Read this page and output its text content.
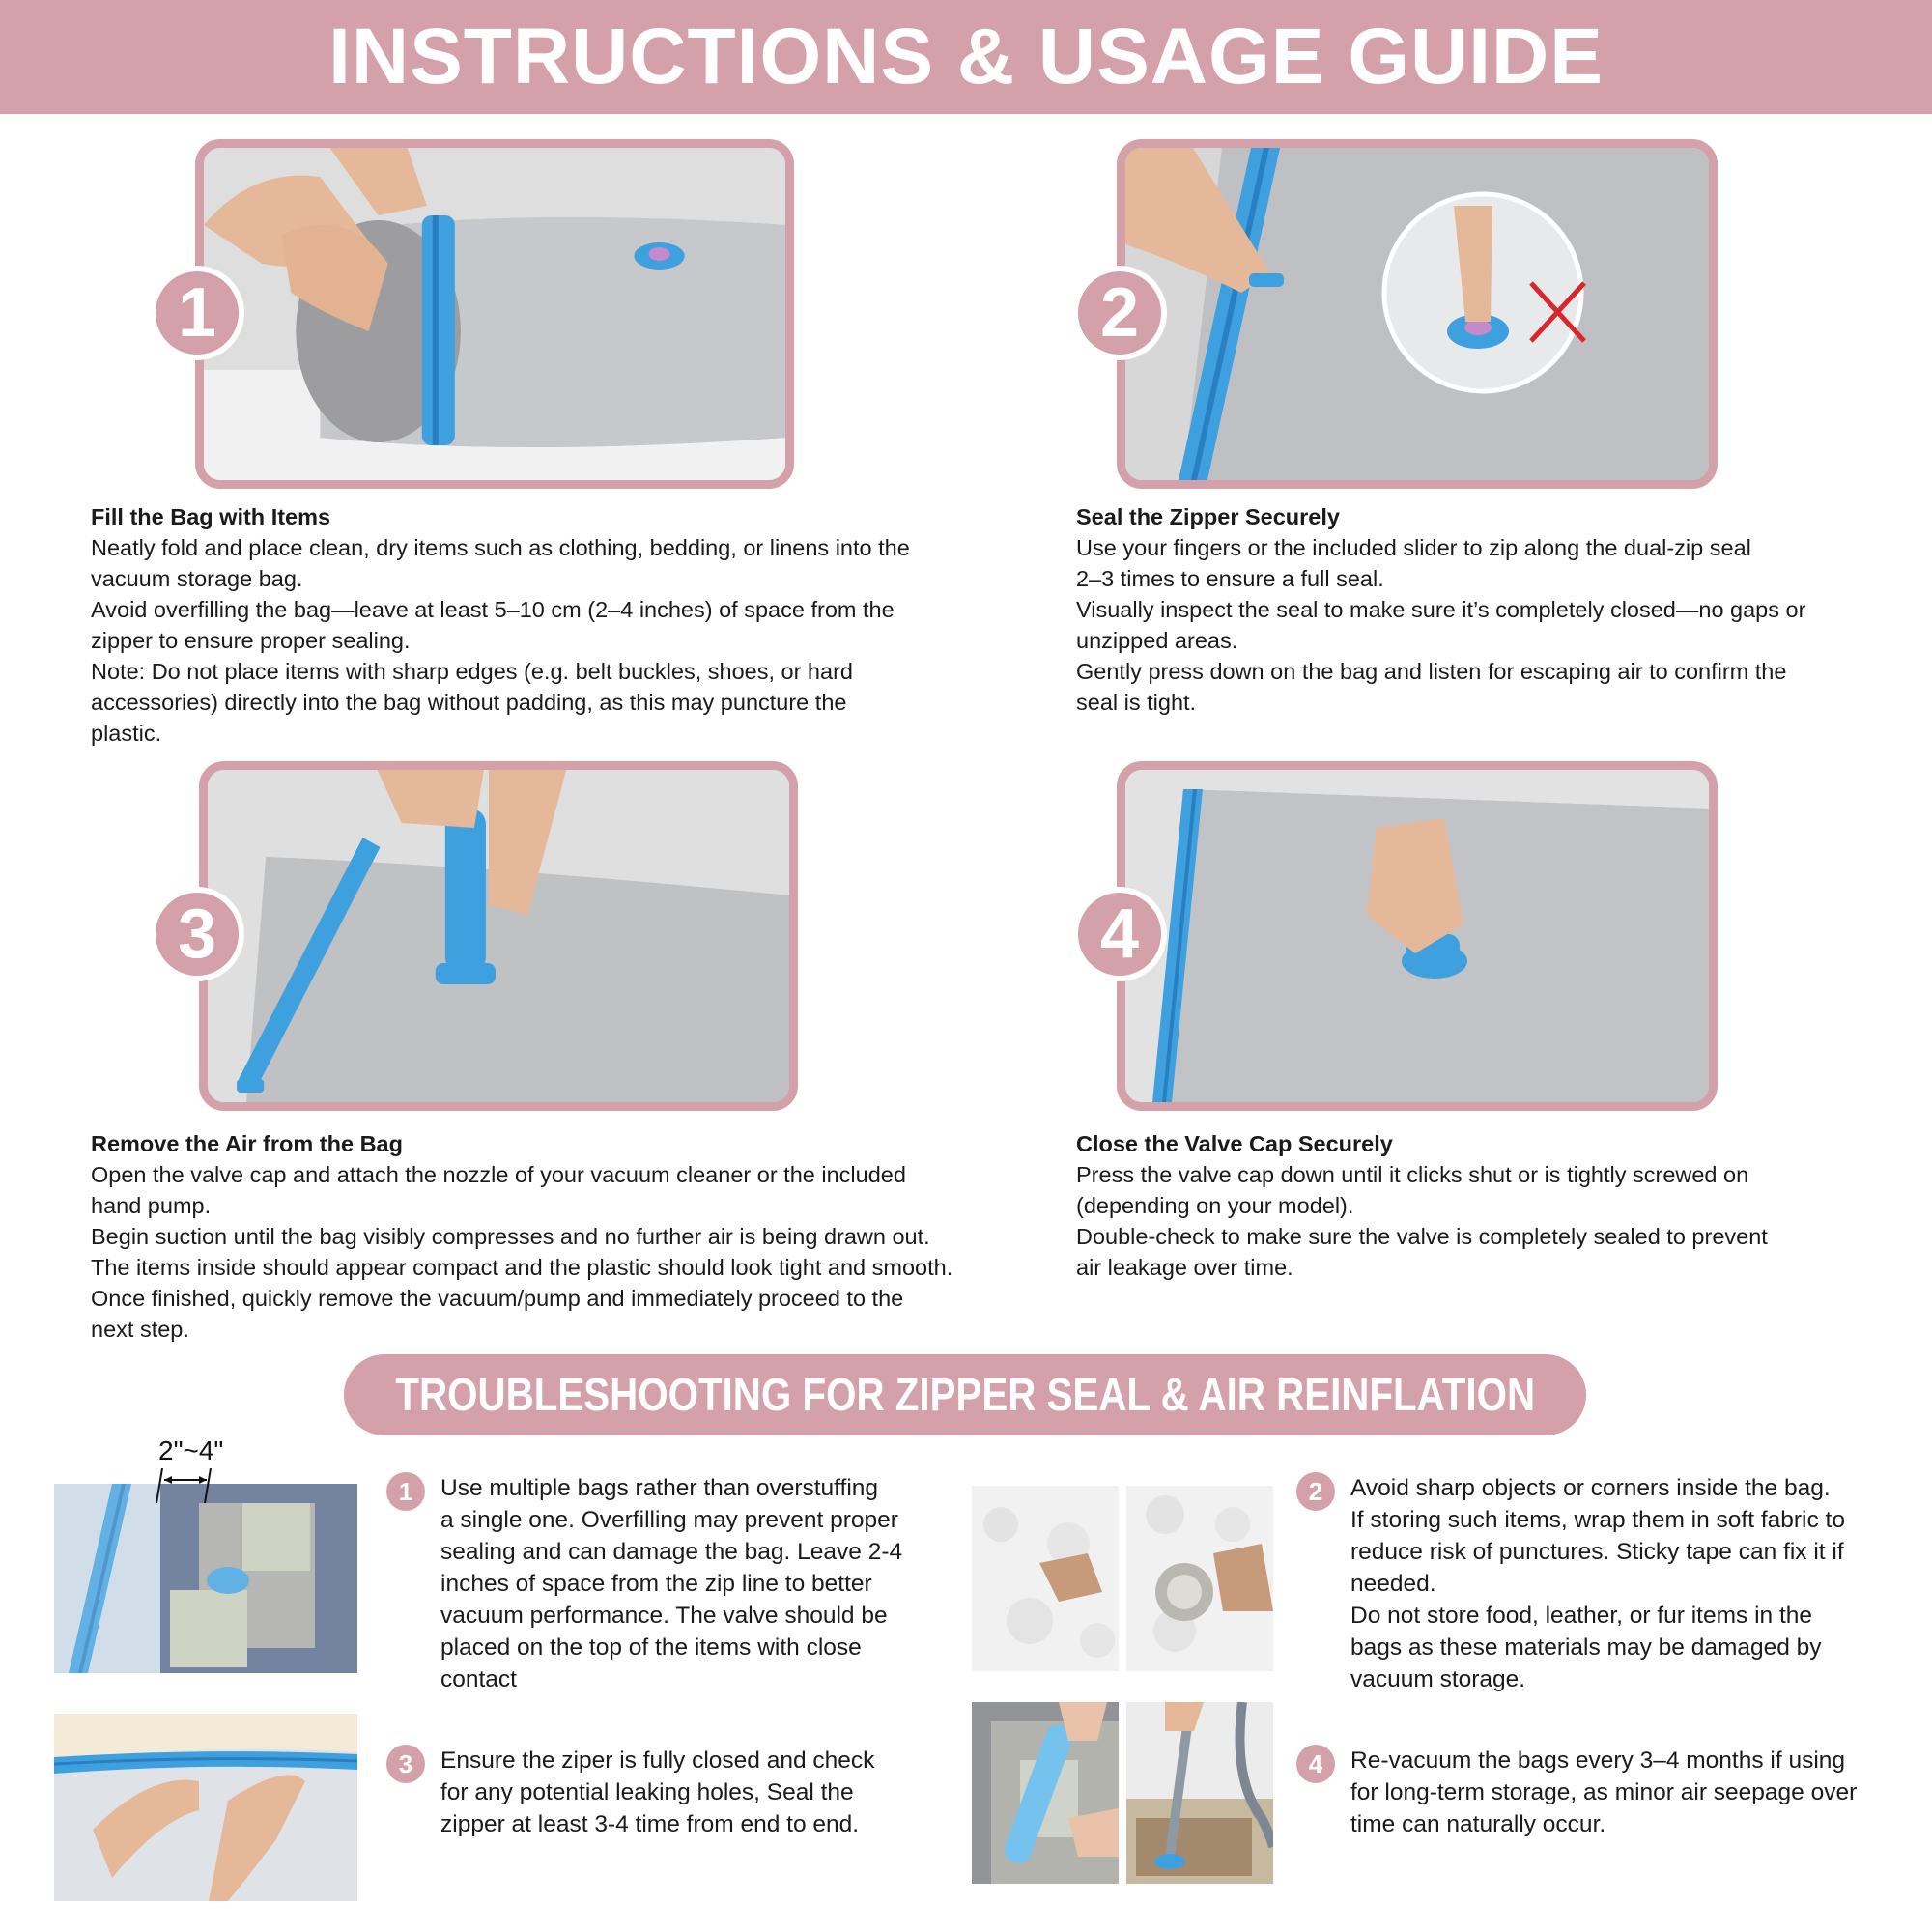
INSTRUCTIONS & USAGE GUIDE
1
Fill the Bag with Items
Neatly fold and place clean, dry items such as clothing, bedding, or linens into the
vacuum storage bag.
Avoid overfilling the bag—leave at least 5–10 cm (2–4 inches) of space from the
zipper to ensure proper sealing.
Note: Do not place items with sharp edges (e.g. belt buckles, shoes, or hard
accessories) directly into the bag without padding, as this may puncture the
plastic.
2
Seal the Zipper Securely
Use your fingers or the included slider to zip along the dual-zip seal
2–3 times to ensure a full seal.
Visually inspect the seal to make sure it’s completely closed—no gaps or
unzipped areas.
Gently press down on the bag and listen for escaping air to confirm the
seal is tight.
3
Remove the Air from the Bag
Open the valve cap and attach the nozzle of your vacuum cleaner or the included
hand pump.
Begin suction until the bag visibly compresses and no further air is being drawn out.
The items inside should appear compact and the plastic should look tight and smooth.
Once finished, quickly remove the vacuum/pump and immediately proceed to the
next step.
4
Close the Valve Cap Securely
Press the valve cap down until it clicks shut or is tightly screwed on
(depending on your model).
Double-check to make sure the valve is completely sealed to prevent
air leakage over time.
TROUBLESHOOTING FOR ZIPPER SEAL & AIR REINFLATION
2"~4"
1 Use multiple bags rather than overstuffing
a single one. Overfilling may prevent proper
sealing and can damage the bag. Leave 2-4
inches of space from the zip line to better
vacuum performance. The valve should be
placed on the top of the items with close
contact
2 Avoid sharp objects or corners inside the bag.
If storing such items, wrap them in soft fabric to
reduce risk of punctures. Sticky tape can fix it if
needed.
Do not store food, leather, or fur items in the
bags as these materials may be damaged by
vacuum storage.
3 Ensure the ziper is fully closed and check
for any potential leaking holes, Seal the
zipper at least 3-4 time from end to end.
4 Re-vacuum the bags every 3–4 months if using
for long-term storage, as minor air seepage over
time can naturally occur.
